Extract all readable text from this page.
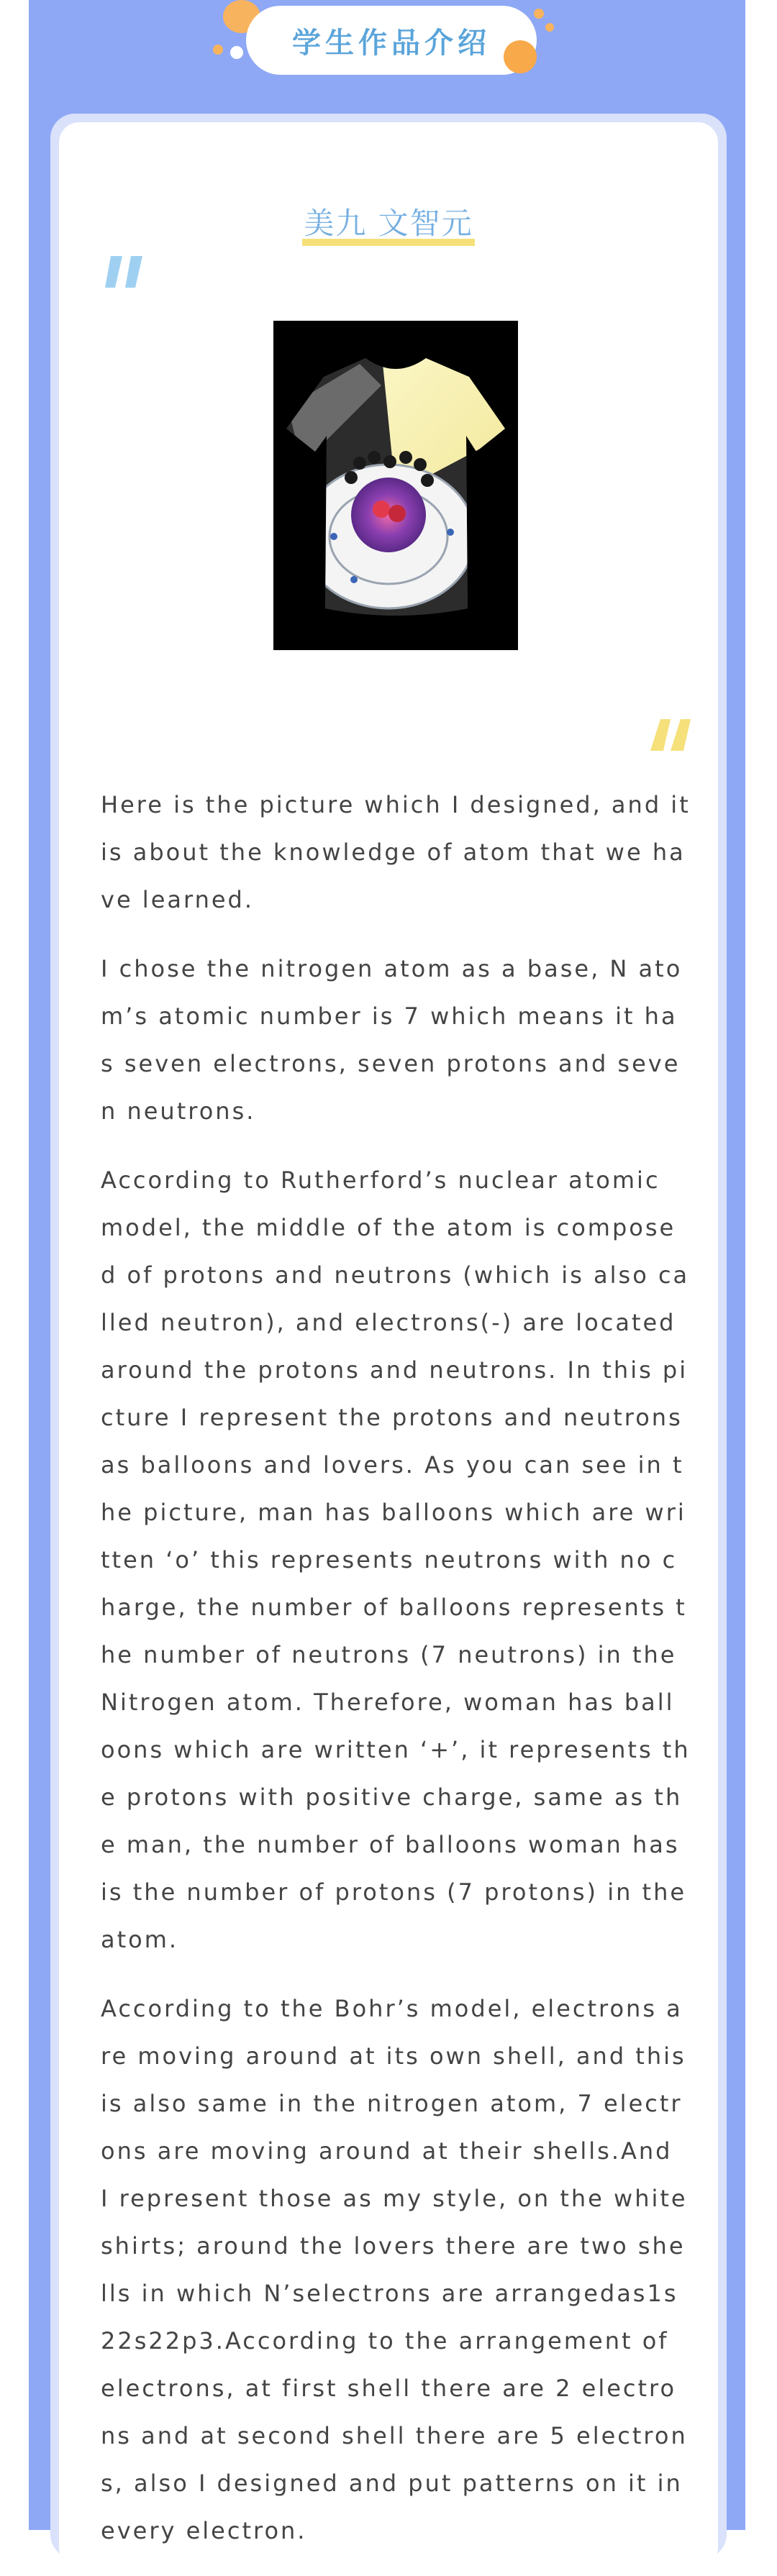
学生作品介绍
美九 文智元

Here is the picture which I designed, and it is about the knowledge of atom that we have learned.

I chose the nitrogen atom as a base, N atom’s atomic number is 7 which means it has seven electrons, seven protons and seven neutrons.

According to Rutherford’s nuclear atomic model, the middle of the atom is composed of protons and neutrons (which is also called neutron), and electrons(-) are located around the protons and neutrons. In this picture I represent the protons and neutrons as balloons and lovers. As you can see in the picture, man has balloons which are written ‘o’ this represents neutrons with no charge, the number of balloons represents the number of neutrons (7 neutrons) in the Nitrogen atom. Therefore, woman has balloons which are written ‘+’, it represents the protons with positive charge, same as the man, the number of balloons woman has is the number of protons (7 protons) in the atom.

According to the Bohr’s model, electrons are moving around at its own shell, and this is also same in the nitrogen atom, 7 electrons are moving around at their shells.And I represent those as my style, on the white shirts; around the lovers there are two shells in which N’selectrons are arrangedas1s22s22p3.According to the arrangement of electrons, at first shell there are 2 electrons and at second shell there are 5 electrons, also I designed and put patterns on it in every electron.
